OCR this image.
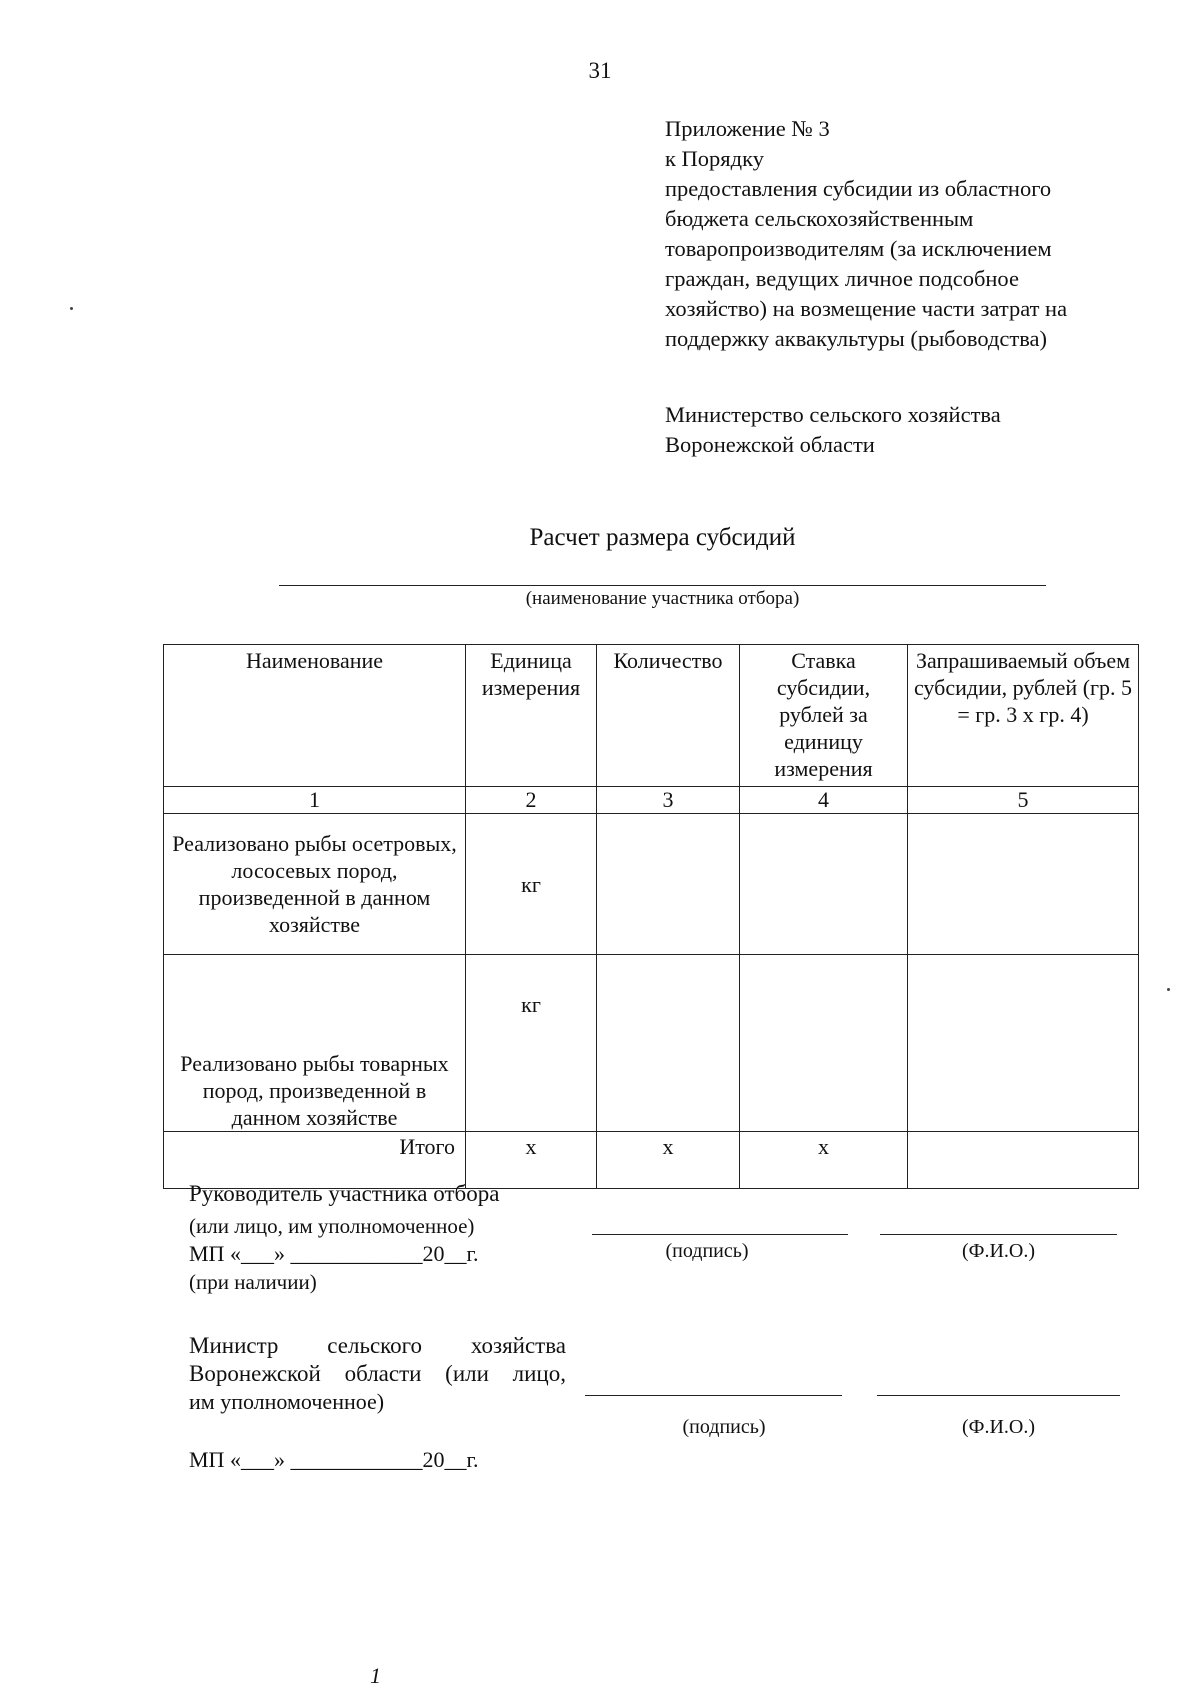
31
Приложение № 3
к Порядку
предоставления субсидии из областного
бюджета сельскохозяйственным
товаропроизводителям (за исключением
граждан, ведущих личное подсобное
хозяйство) на возмещение части затрат на
поддержку аквакультуры (рыбоводства)
Министерство сельского хозяйства
Воронежской области
Расчет размера субсидий
(наименование участника отбора)
Наименование	Единица измерения	Количество	Ставка субсидии, рублей за единицу измерения	Запрашиваемый объем субсидии, рублей (гр. 5 = гр. 3 х гр. 4)
1	2	3	4	5
Реализовано рыбы осетровых, лососевых пород, произведенной в данном хозяйстве	кг			
Реализовано рыбы товарных пород, произведенной в данном хозяйстве	кг			
Итого	х	х	х	
Руководитель участника отбора
(или лицо, им уполномоченное)
МП «___» ____________20__г.
(при наличии)
(подпись)	(Ф.И.О.)
Министр сельского хозяйства
Воронежской области (или лицо,
им уполномоченное)
МП «___» ____________20__г.
(подпись)	(Ф.И.О.)
1
